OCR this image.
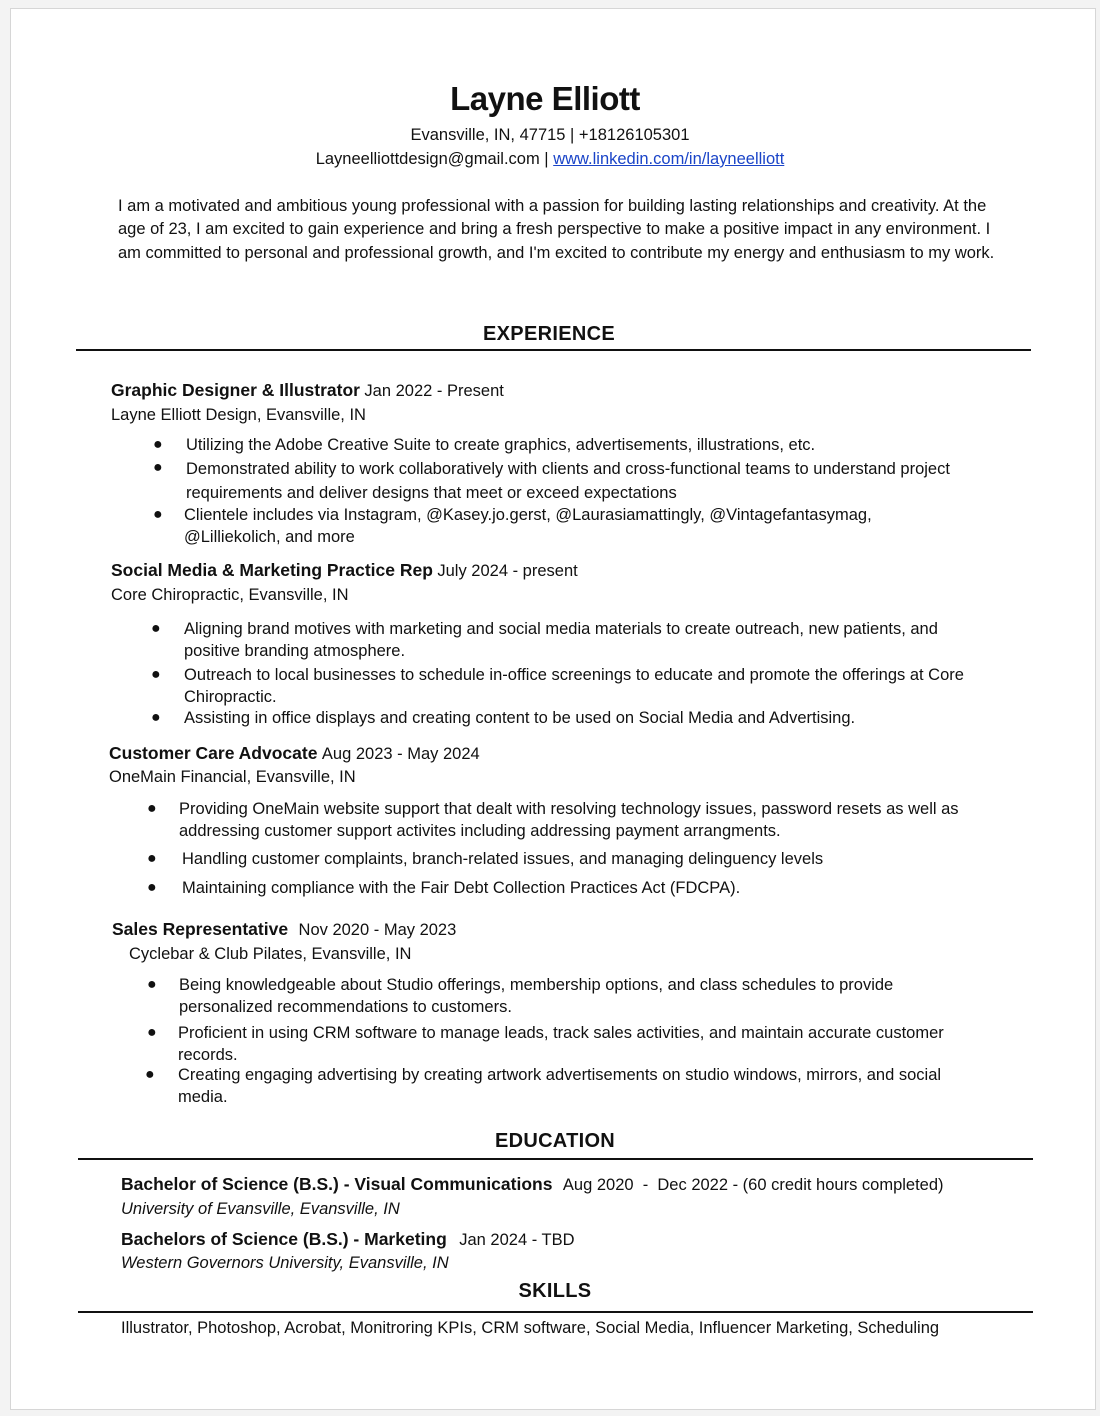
Layne Elliott
Evansville, IN, 47715 | +18126105301
Layneelliottdesign@gmail.com | www.linkedin.com/in/layneelliott
I am a motivated and ambitious young professional with a passion for building lasting relationships and creativity. At the age of 23, I am excited to gain experience and bring a fresh perspective to make a positive impact in any environment. I am committed to personal and professional growth, and I'm excited to contribute my energy and enthusiasm to my work.
EXPERIENCE
Graphic Designer & Illustrator Jan 2022 - Present
Layne Elliott Design, Evansville, IN
● Utilizing the Adobe Creative Suite to create graphics, advertisements, illustrations, etc.
● Demonstrated ability to work collaboratively with clients and cross-functional teams to understand project requirements and deliver designs that meet or exceed expectations
● Clientele includes via Instagram, @Kasey.jo.gerst, @Laurasiamattingly, @Vintagefantasymag, @Lilliekolich, and more
Social Media & Marketing Practice Rep July 2024 - present
Core Chiropractic, Evansville, IN
● Aligning brand motives with marketing and social media materials to create outreach, new patients, and positive branding atmosphere.
● Outreach to local businesses to schedule in-office screenings to educate and promote the offerings at Core Chiropractic.
● Assisting in office displays and creating content to be used on Social Media and Advertising.
Customer Care Advocate Aug 2023 - May 2024
OneMain Financial, Evansville, IN
● Providing OneMain website support that dealt with resolving technology issues, password resets as well as addressing customer support activites including addressing payment arrangments.
● Handling customer complaints, branch-related issues, and managing delinguency levels
● Maintaining compliance with the Fair Debt Collection Practices Act (FDCPA).
Sales Representative Nov 2020 - May 2023
Cyclebar & Club Pilates, Evansville, IN
● Being knowledgeable about Studio offerings, membership options, and class schedules to provide personalized recommendations to customers.
● Proficient in using CRM software to manage leads, track sales activities, and maintain accurate customer records.
● Creating engaging advertising by creating artwork advertisements on studio windows, mirrors, and social media.
EDUCATION
Bachelor of Science (B.S.) - Visual Communications Aug 2020  -  Dec 2022 - (60 credit hours completed)
University of Evansville, Evansville, IN
Bachelors of Science (B.S.) - Marketing Jan 2024 - TBD
Western Governors University, Evansville, IN
SKILLS
Illustrator, Photoshop, Acrobat, Monitroring KPIs, CRM software, Social Media, Influencer Marketing, Scheduling
